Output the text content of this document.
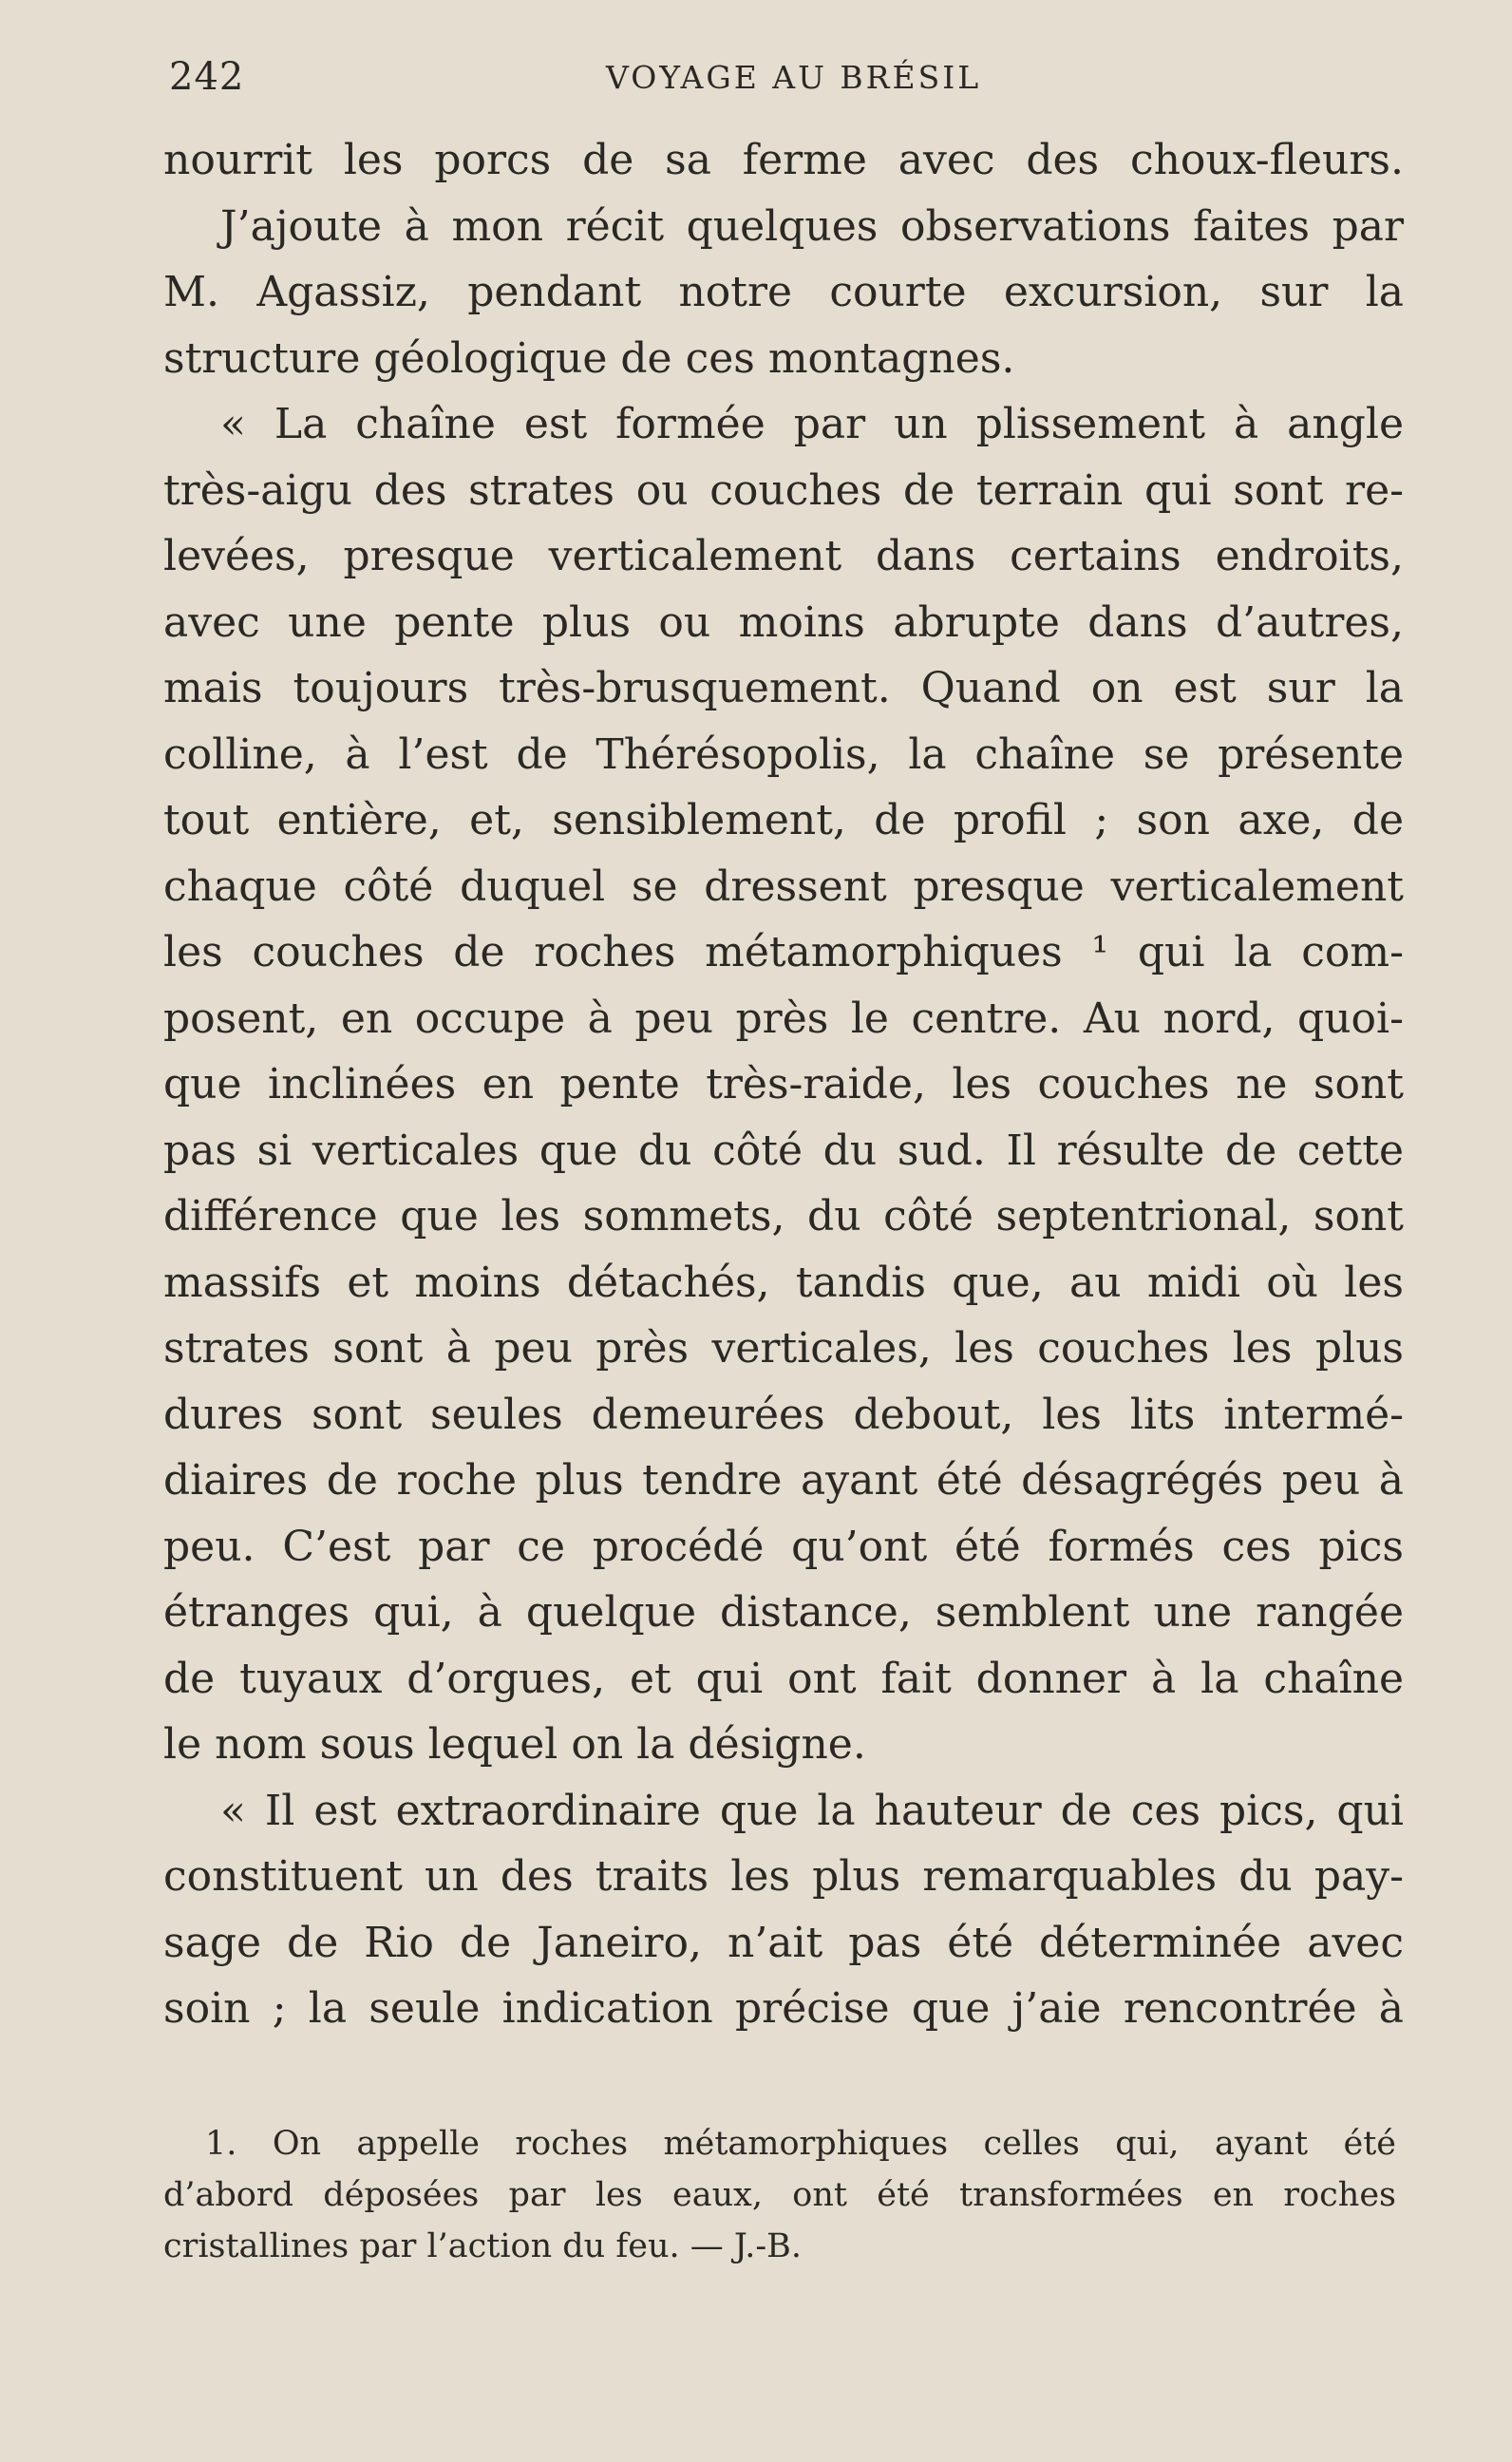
242	VOYAGE AU BRÉSIL
nourrit les porcs de sa ferme avec des choux-fleurs.
J’ajoute à mon récit quelques observations faites par
M. Agassiz, pendant notre courte excursion, sur la
structure géologique de ces montagnes.
« La chaîne est formée par un plissement à angle
très-aigu des strates ou couches de terrain qui sont re-
levées, presque verticalement dans certains endroits,
avec une pente plus ou moins abrupte dans d’autres,
mais toujours très-brusquement. Quand on est sur la
colline, à l’est de Thérésopolis, la chaîne se présente
tout entière, et, sensiblement, de profil ; son axe, de
chaque côté duquel se dressent presque verticalement
les couches de roches métamorphiques ¹ qui la com-
posent, en occupe à peu près le centre. Au nord, quoi-
que inclinées en pente très-raide, les couches ne sont
pas si verticales que du côté du sud. Il résulte de cette
différence que les sommets, du côté septentrional, sont
massifs et moins détachés, tandis que, au midi où les
strates sont à peu près verticales, les couches les plus
dures sont seules demeurées debout, les lits intermé-
diaires de roche plus tendre ayant été désagrégés peu à
peu. C’est par ce procédé qu’ont été formés ces pics
étranges qui, à quelque distance, semblent une rangée
de tuyaux d’orgues, et qui ont fait donner à la chaîne
le nom sous lequel on la désigne.
« Il est extraordinaire que la hauteur de ces pics, qui
constituent un des traits les plus remarquables du pay-
sage de Rio de Janeiro, n’ait pas été déterminée avec
soin ; la seule indication précise que j’aie rencontrée à
1. On appelle roches métamorphiques celles qui, ayant été
d’abord déposées par les eaux, ont été transformées en roches
cristallines par l’action du feu. — J.-B.
